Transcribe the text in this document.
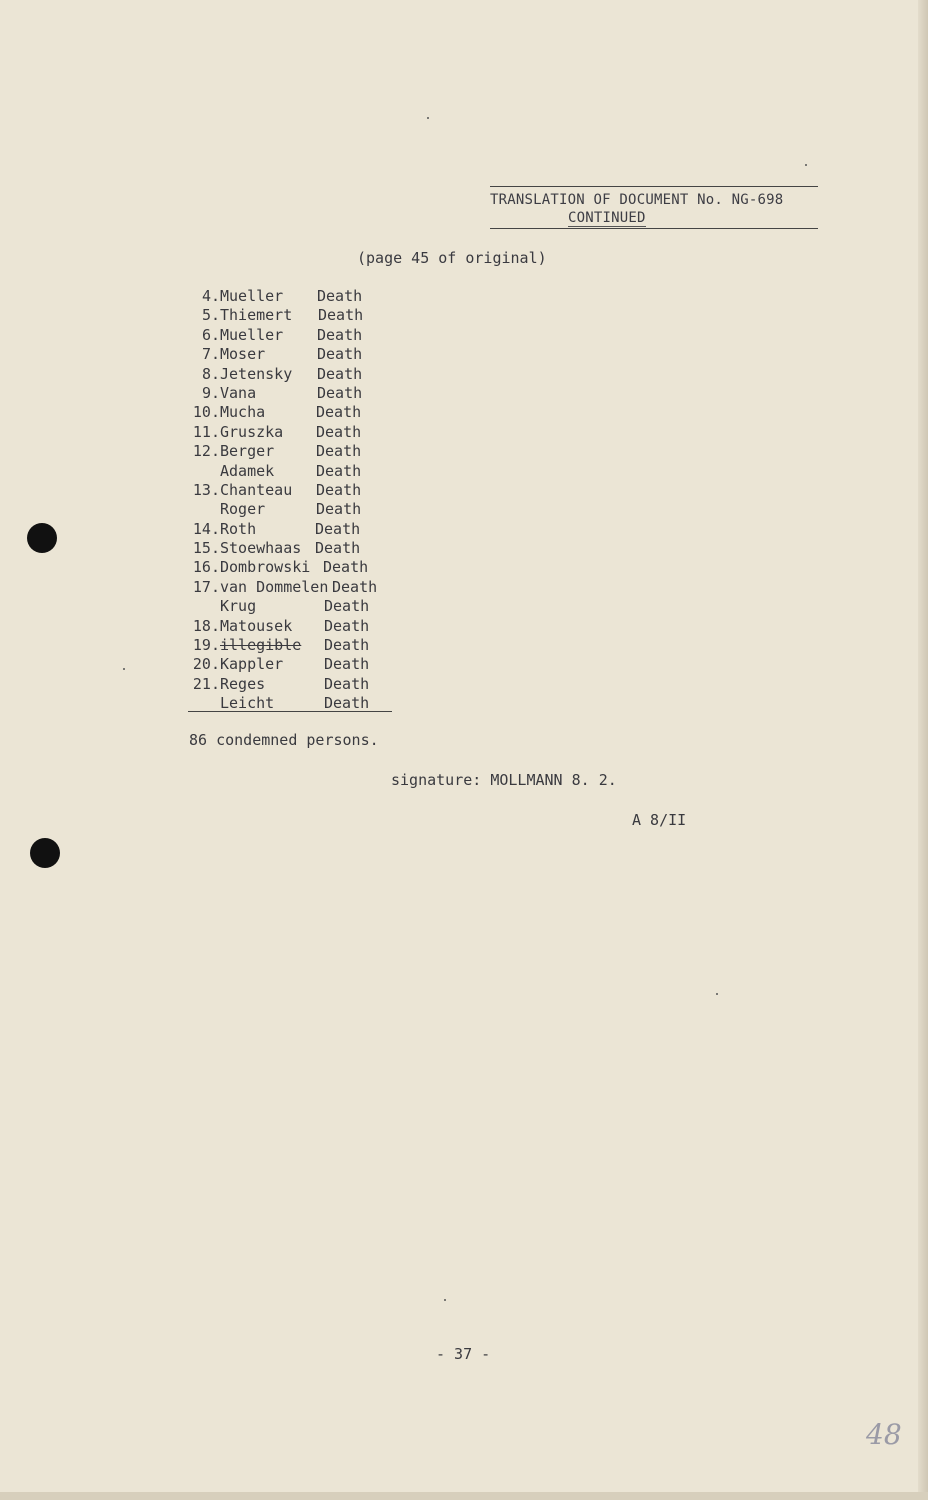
TRANSLATION OF DOCUMENT No. NG-698
CONTINUED
(page 45 of original)
4. Mueller Death
5. Thiemert Death
6. Mueller Death
7. Moser	Death
8. Jetensky Death
9. Vana	Death
10. Mucha	Death
11. Gruszka Death
12. Berger	Death
Adamek	Death
13. Chanteau Death
Roger	Death
14. Roth	Death
15. Stoewhaas Death
16. Dombrowski Death
17. van Dommelen Death
Krug	Death
18. Matousek Death
19. illegible Death
20. Kappler	Death
21. Reges	Death
Leicht	Death
86 condemned persons.
signature: MOLLMANN 8. 2.
A 8/II
- 37 -
48
